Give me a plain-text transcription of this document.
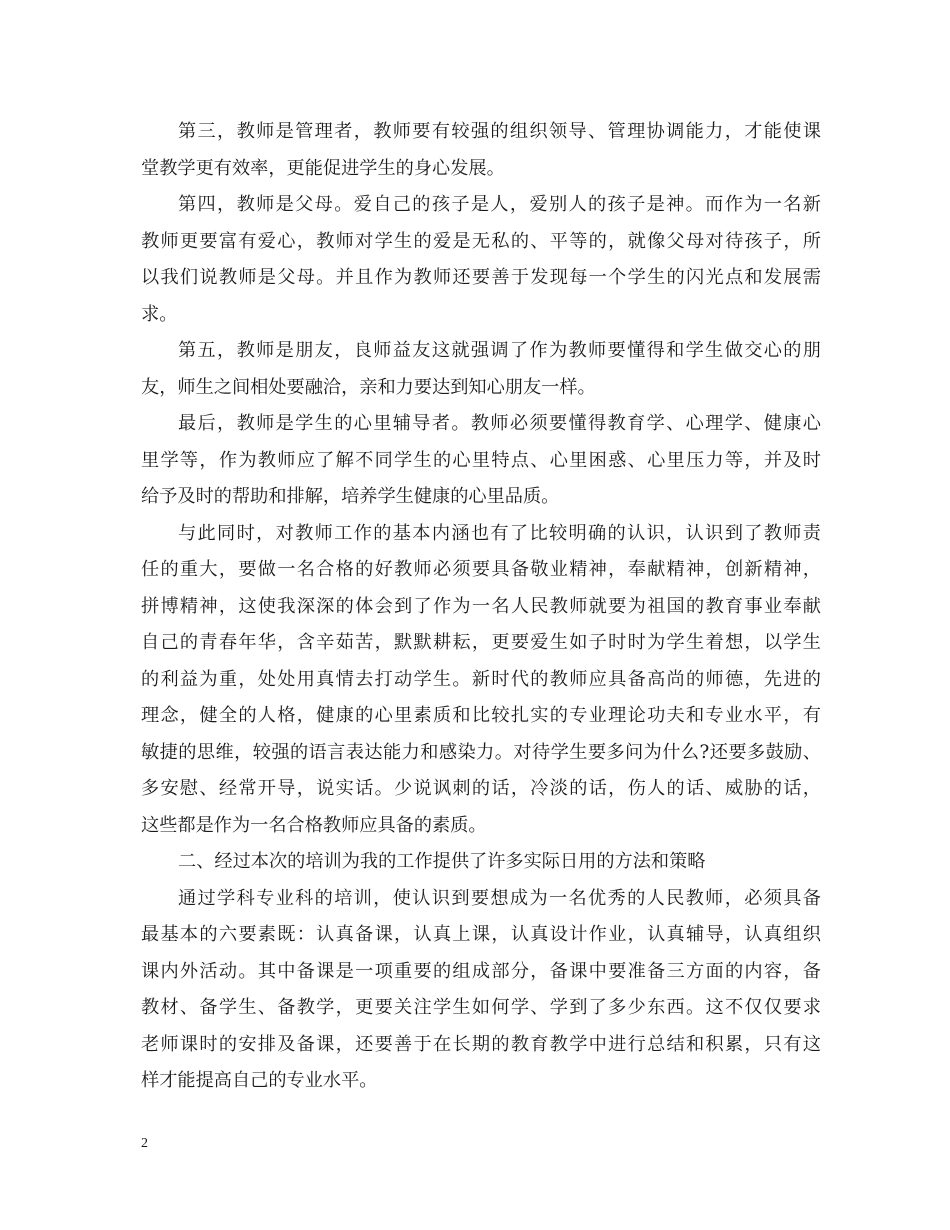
第三，教师是管理者，教师要有较强的组织领导、管理协调能力，才能使课
堂教学更有效率，更能促进学生的身心发展。
第四，教师是父母。爱自己的孩子是人，爱别人的孩子是神。而作为一名新
教师更要富有爱心，教师对学生的爱是无私的、平等的，就像父母对待孩子，所
以我们说教师是父母。并且作为教师还要善于发现每一个学生的闪光点和发展需
求。
第五，教师是朋友，良师益友这就强调了作为教师要懂得和学生做交心的朋
友，师生之间相处要融洽，亲和力要达到知心朋友一样。
最后，教师是学生的心里辅导者。教师必须要懂得教育学、心理学、健康心
里学等，作为教师应了解不同学生的心里特点、心里困惑、心里压力等，并及时
给予及时的帮助和排解，培养学生健康的心里品质。
与此同时，对教师工作的基本内涵也有了比较明确的认识，认识到了教师责
任的重大，要做一名合格的好教师必须要具备敬业精神，奉献精神，创新精神，
拼博精神，这使我深深的体会到了作为一名人民教师就要为祖国的教育事业奉献
自己的青春年华，含辛茹苦，默默耕耘，更要爱生如子时时为学生着想，以学生
的利益为重，处处用真情去打动学生。新时代的教师应具备高尚的师德，先进的
理念，健全的人格，健康的心里素质和比较扎实的专业理论功夫和专业水平，有
敏捷的思维，较强的语言表达能力和感染力。对待学生要多问为什么?还要多鼓励、
多安慰、经常开导，说实话。少说讽刺的话，冷淡的话，伤人的话、威胁的话，
这些都是作为一名合格教师应具备的素质。
二、经过本次的培训为我的工作提供了许多实际日用的方法和策略
通过学科专业科的培训，使认识到要想成为一名优秀的人民教师，必须具备
最基本的六要素既：认真备课，认真上课，认真设计作业，认真辅导，认真组织
课内外活动。其中备课是一项重要的组成部分，备课中要准备三方面的内容，备
教材、备学生、备教学，更要关注学生如何学、学到了多少东西。这不仅仅要求
老师课时的安排及备课，还要善于在长期的教育教学中进行总结和积累，只有这
样才能提高自己的专业水平。
2
